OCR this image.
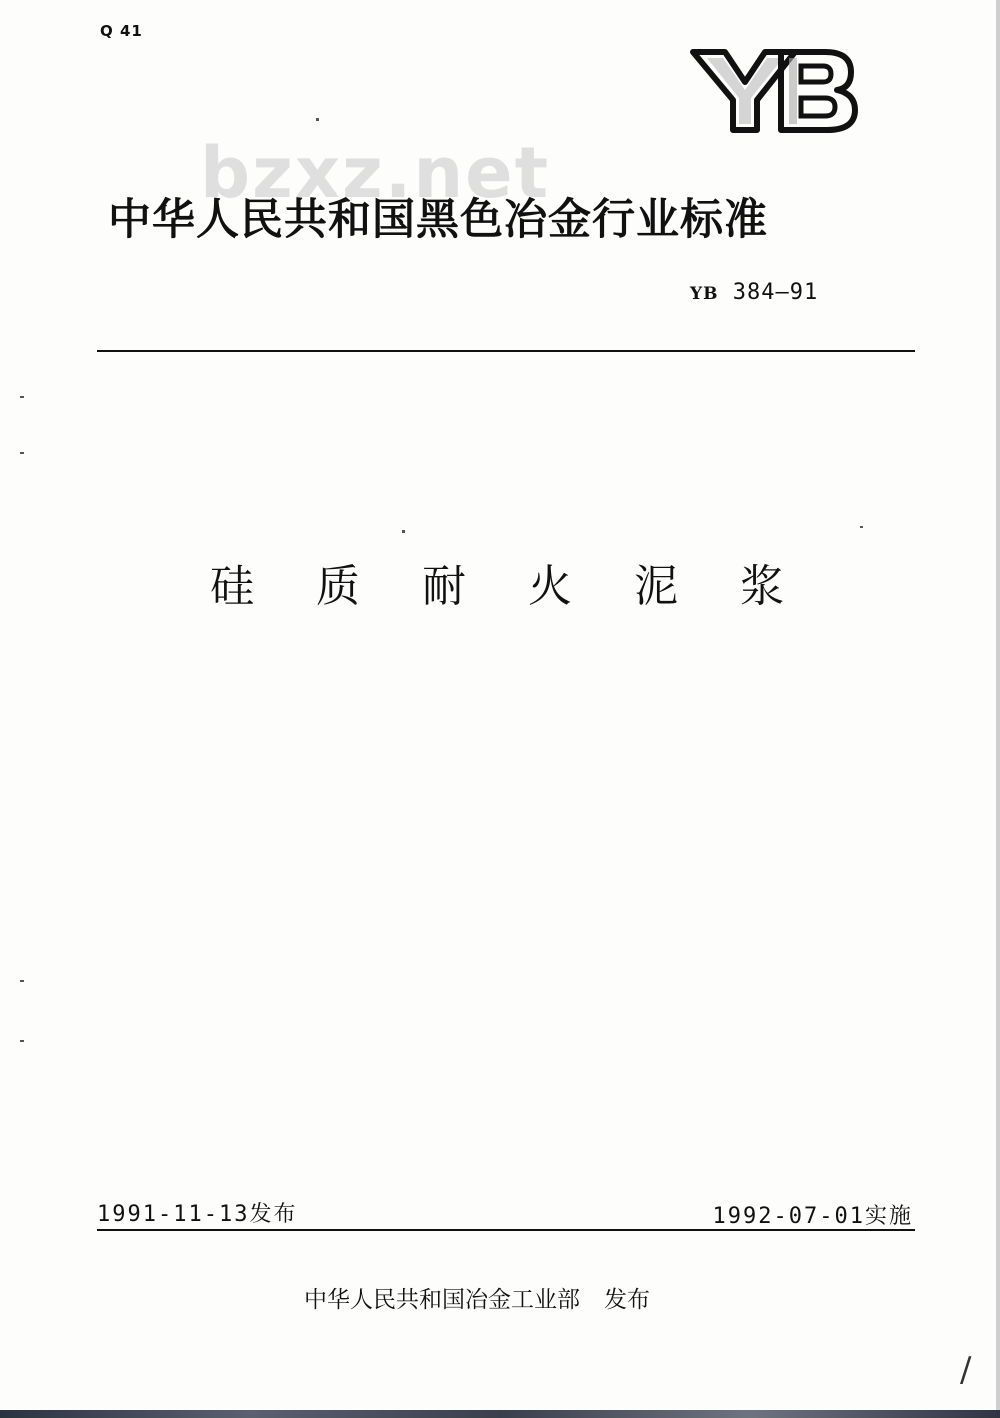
Q 41
bzxz.net
中华人民共和国黑色冶金行业标准
YB 384—91
硅质耐火泥浆
1991-11-13发布	1992-07-01实施
中华人民共和国冶金工业部 发布
/
